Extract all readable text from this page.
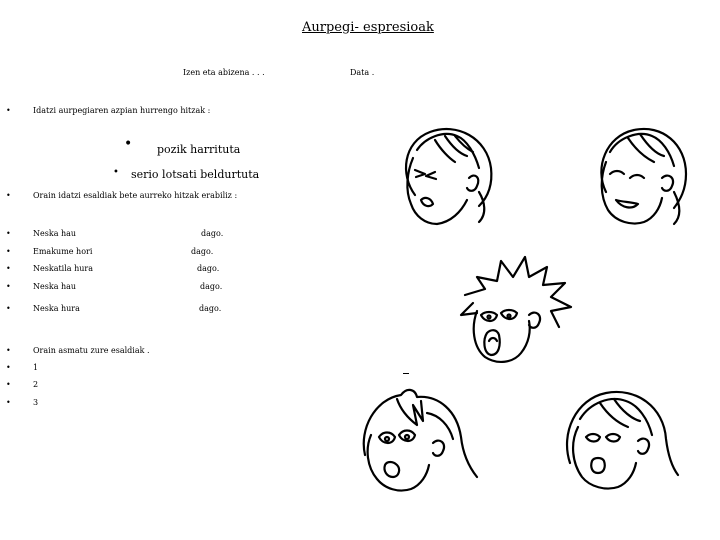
Aurpegi- espresioak
Izen eta abizena . . .	Data .
•	Idatzi aurpegiaren azpian hurrengo hitzak :
• pozik harrituta
• serio lotsati beldurtuta
•	Orain idatzi esaldiak bete aurreko hitzak erabiliz :
•	Neska hau	dago.
•	Emakume hori	dago.
•	Neskatila hura	dago.
•	Neska hau	dago.
•	Neska hura	dago.
•	Orain asmatu zure esaldiak .
•	1
•	2
•	3
